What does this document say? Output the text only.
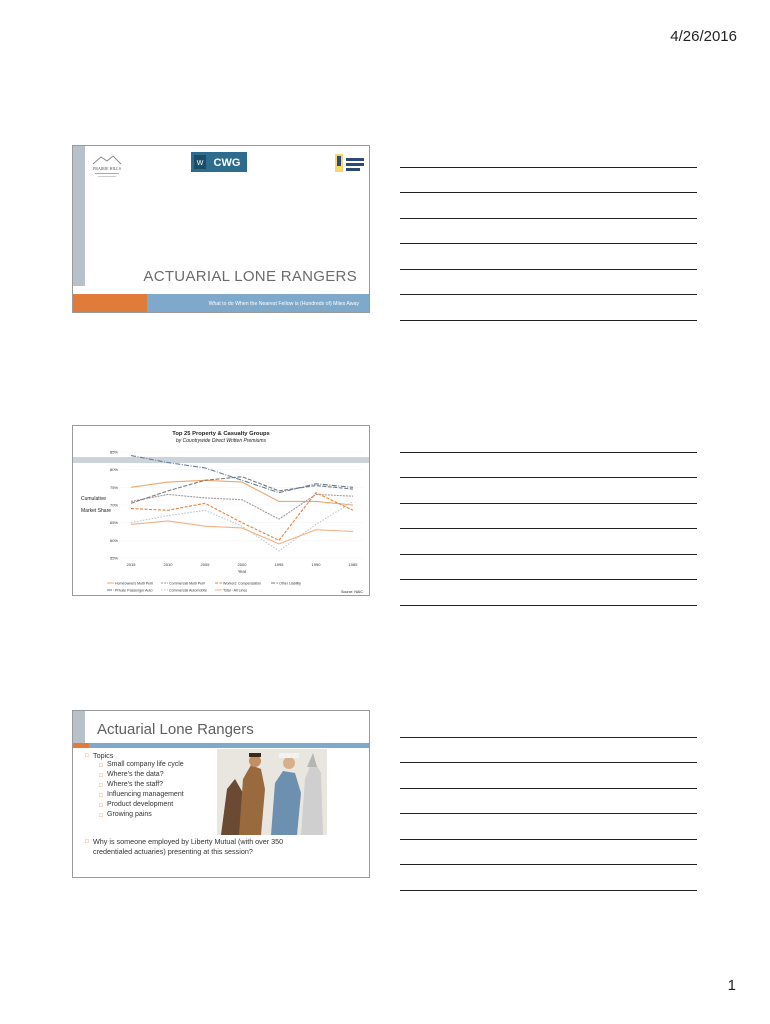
4/26/2016
PRAIRIE HILLS
W CWG
ACTUARIAL LONE RANGERS
What to do When the Nearest Fellow is (Hundreds of) Miles Away
Top 25 Property & Casualty Groups
by Countrywide Direct Written Premiums
Cumulative
Market Share
85%
80%
75%
70%
65%
60%
55%
2015	2010	2005	2000	1995	1990	1985
Year
Homeowners Multi Peril	Commercial Multi Peril	Workers' Compensation	Other Liability
Private Passenger Auto	Commercial Automobile	Total - All Lines	Source: NAIC
Actuarial Lone Rangers
□ Topics
□ Small company life cycle
□ Where's the data?
□ Where's the staff?
□ Influencing management
□ Product development
□ Growing pains
□ Why is someone employed by Liberty Mutual (with over 350
credentialed actuaries) presenting at this session?
1
